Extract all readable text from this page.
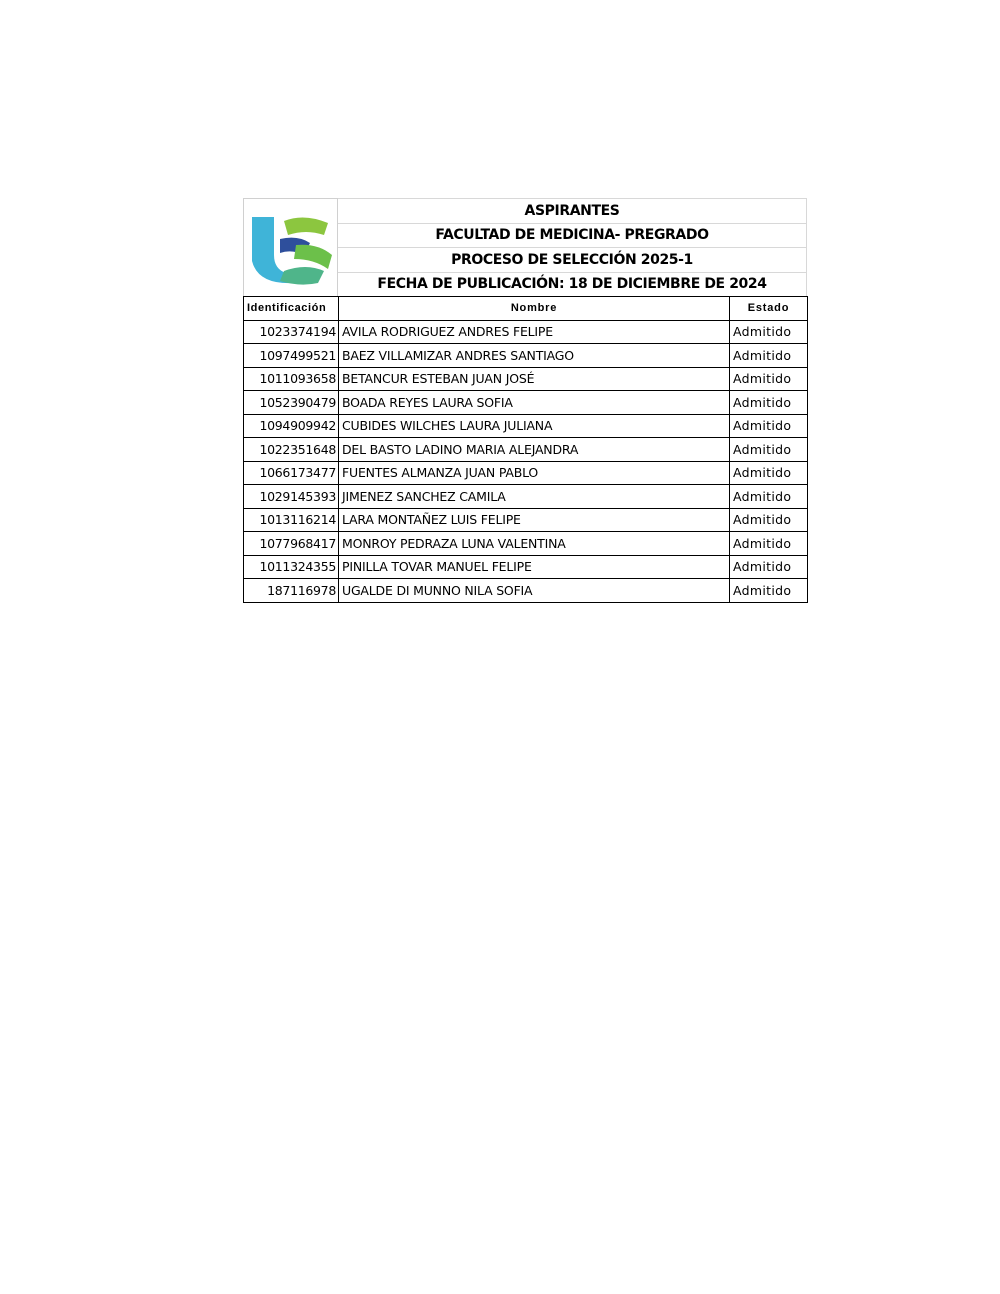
ASPIRANTES
FACULTAD DE MEDICINA- PREGRADO
PROCESO DE SELECCIÓN 2025-1
FECHA DE PUBLICACIÓN: 18 DE DICIEMBRE DE 2024
Identificación	Nombre	Estado
1023374194	AVILA RODRIGUEZ ANDRES FELIPE	Admitido
1097499521	BAEZ VILLAMIZAR ANDRES SANTIAGO	Admitido
1011093658	BETANCUR ESTEBAN JUAN JOSÉ	Admitido
1052390479	BOADA REYES LAURA SOFIA	Admitido
1094909942	CUBIDES WILCHES LAURA JULIANA	Admitido
1022351648	DEL BASTO LADINO MARIA ALEJANDRA	Admitido
1066173477	FUENTES ALMANZA JUAN PABLO	Admitido
1029145393	JIMENEZ SANCHEZ CAMILA	Admitido
1013116214	LARA MONTAÑEZ LUIS FELIPE	Admitido
1077968417	MONROY PEDRAZA LUNA VALENTINA	Admitido
1011324355	PINILLA TOVAR MANUEL FELIPE	Admitido
187116978	UGALDE DI MUNNO NILA SOFIA	Admitido
